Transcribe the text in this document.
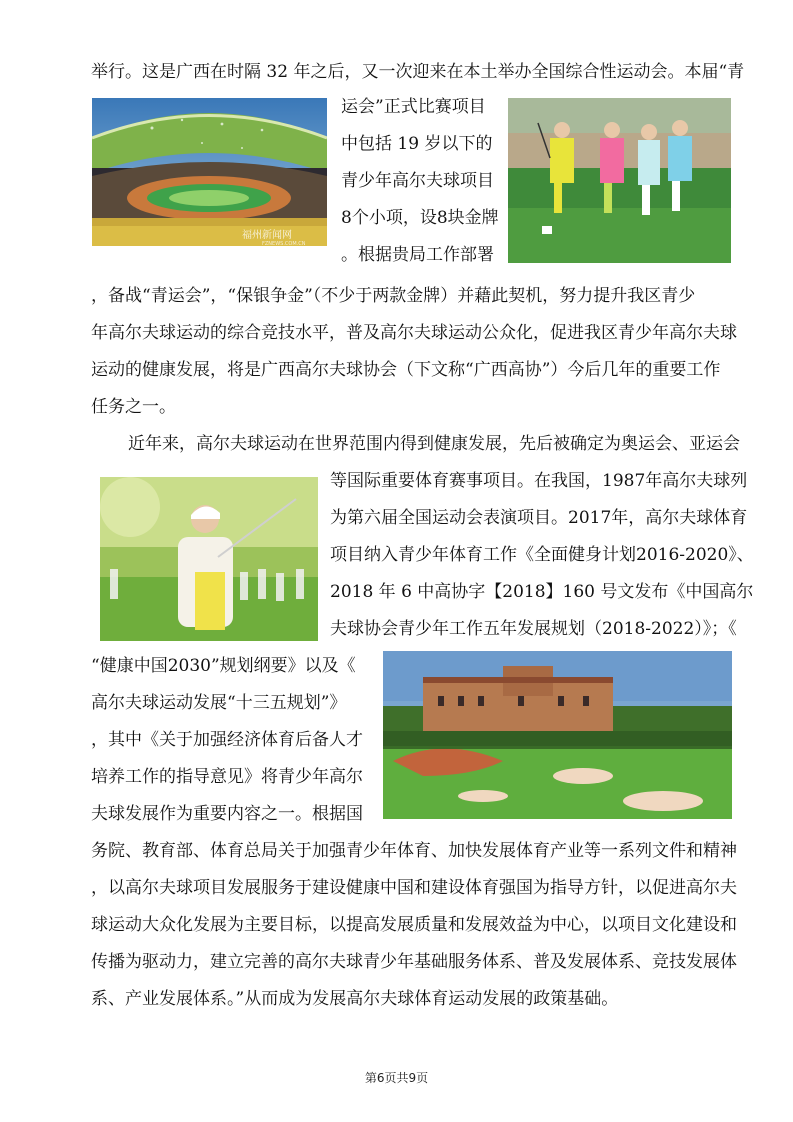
举行。这是广西在时隔 32 年之后，又一次迎来在本土举办全国综合性运动会。本届“青
运会”正式比赛项目
中包括 19 岁以下的
青少年高尔夫球项目
8个小项，设8块金牌
。根据贵局工作部署
，备战“青运会”，“保银争金”（不少于两款金牌）并藉此契机，努力提升我区青少
年高尔夫球运动的综合竞技水平，普及高尔夫球运动公众化，促进我区青少年高尔夫球
运动的健康发展，将是广西高尔夫球协会（下文称“广西高协”）今后几年的重要工作
任务之一。
近年来，高尔夫球运动在世界范围内得到健康发展，先后被确定为奥运会、亚运会
等国际重要体育赛事项目。在我国，1987年高尔夫球列
为第六届全国运动会表演项目。2017年，高尔夫球体育
项目纳入青少年体育工作《全面健身计划2016-2020》、
2018 年 6 中高协字【2018】160 号文发布《中国高尔
夫球协会青少年工作五年发展规划（2018-2022）》；《
“健康中国2030”规划纲要》以及《
高尔夫球运动发展“十三五规划”》
，其中《关于加强经济体育后备人才
培养工作的指导意见》将青少年高尔
夫球发展作为重要内容之一。根据国
务院、教育部、体育总局关于加强青少年体育、加快发展体育产业等一系列文件和精神
，以高尔夫球项目发展服务于建设健康中国和建设体育强国为指导方针，以促进高尔夫
球运动大众化发展为主要目标，以提高发展质量和发展效益为中心，以项目文化建设和
传播为驱动力，建立完善的高尔夫球青少年基础服务体系、普及发展体系、竞技发展体
系、产业发展体系。”从而成为发展高尔夫球体育运动发展的政策基础。
福州新闻网
FZNEWS.COM.CN
第6页共9页
